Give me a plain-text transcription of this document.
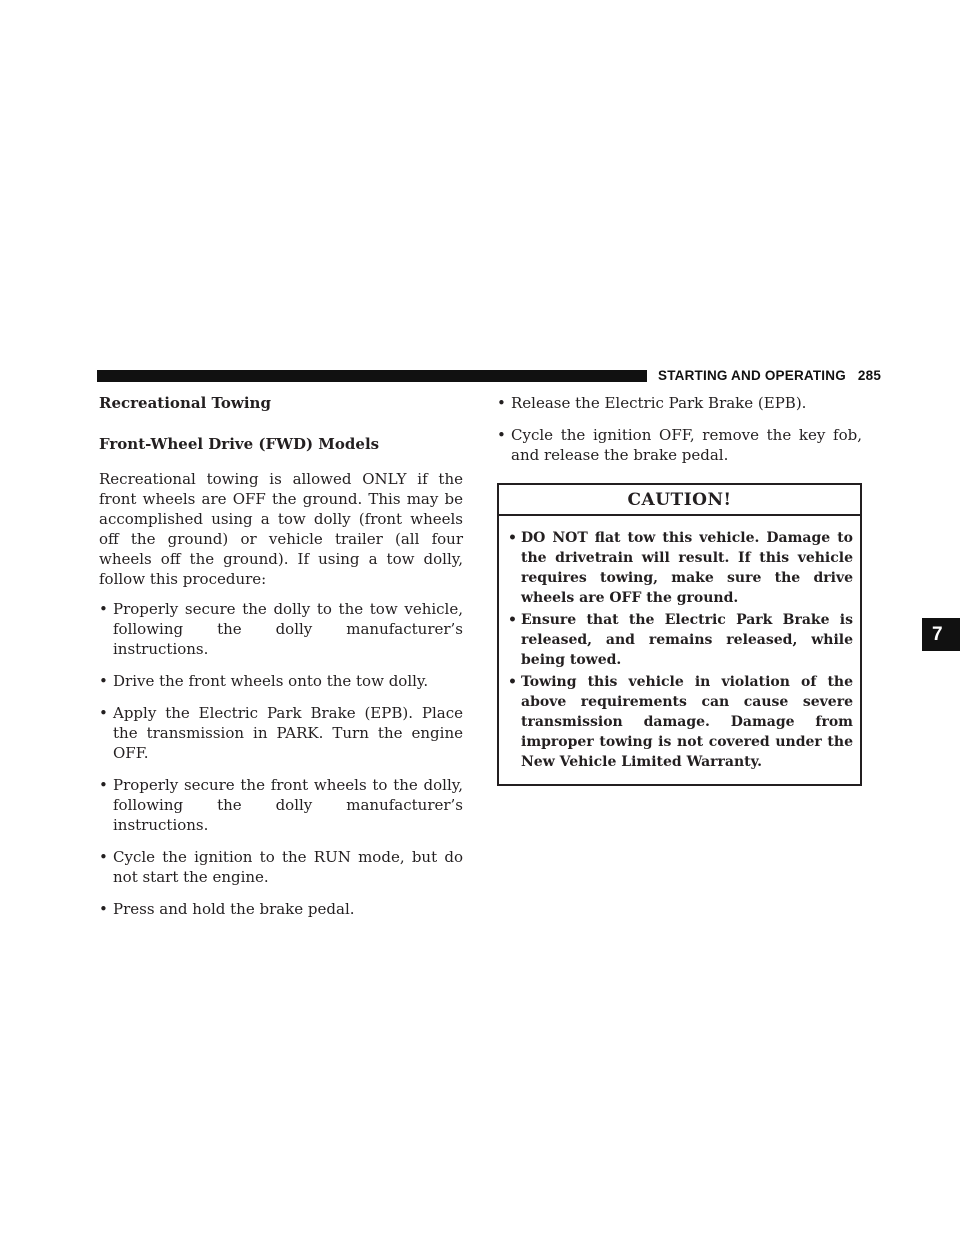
STARTING AND OPERATING 285
Recreational Towing
Front-Wheel Drive (FWD) Models

Recreational towing is allowed ONLY if the front wheels are OFF the ground. This may be accomplished using a tow dolly (front wheels off the ground) or vehicle trailer (all four wheels off the ground). If using a tow dolly, follow this procedure:

• Properly secure the dolly to the tow vehicle, following the dolly manufacturer’s instructions.
• Drive the front wheels onto the tow dolly.
• Apply the Electric Park Brake (EPB). Place the transmission in PARK. Turn the engine OFF.
• Properly secure the front wheels to the dolly, following the dolly manufacturer’s instructions.
• Cycle the ignition to the RUN mode, but do not start the engine.
• Press and hold the brake pedal.
• Release the Electric Park Brake (EPB).
• Cycle the ignition OFF, remove the key fob, and release the brake pedal.
CAUTION!
• DO NOT flat tow this vehicle. Damage to the drivetrain will result. If this vehicle requires towing, make sure the drive wheels are OFF the ground.
• Ensure that the Electric Park Brake is released, and remains released, while being towed.
• Towing this vehicle in violation of the above requirements can cause severe transmission damage. Damage from improper towing is not covered under the New Vehicle Limited Warranty.
7
